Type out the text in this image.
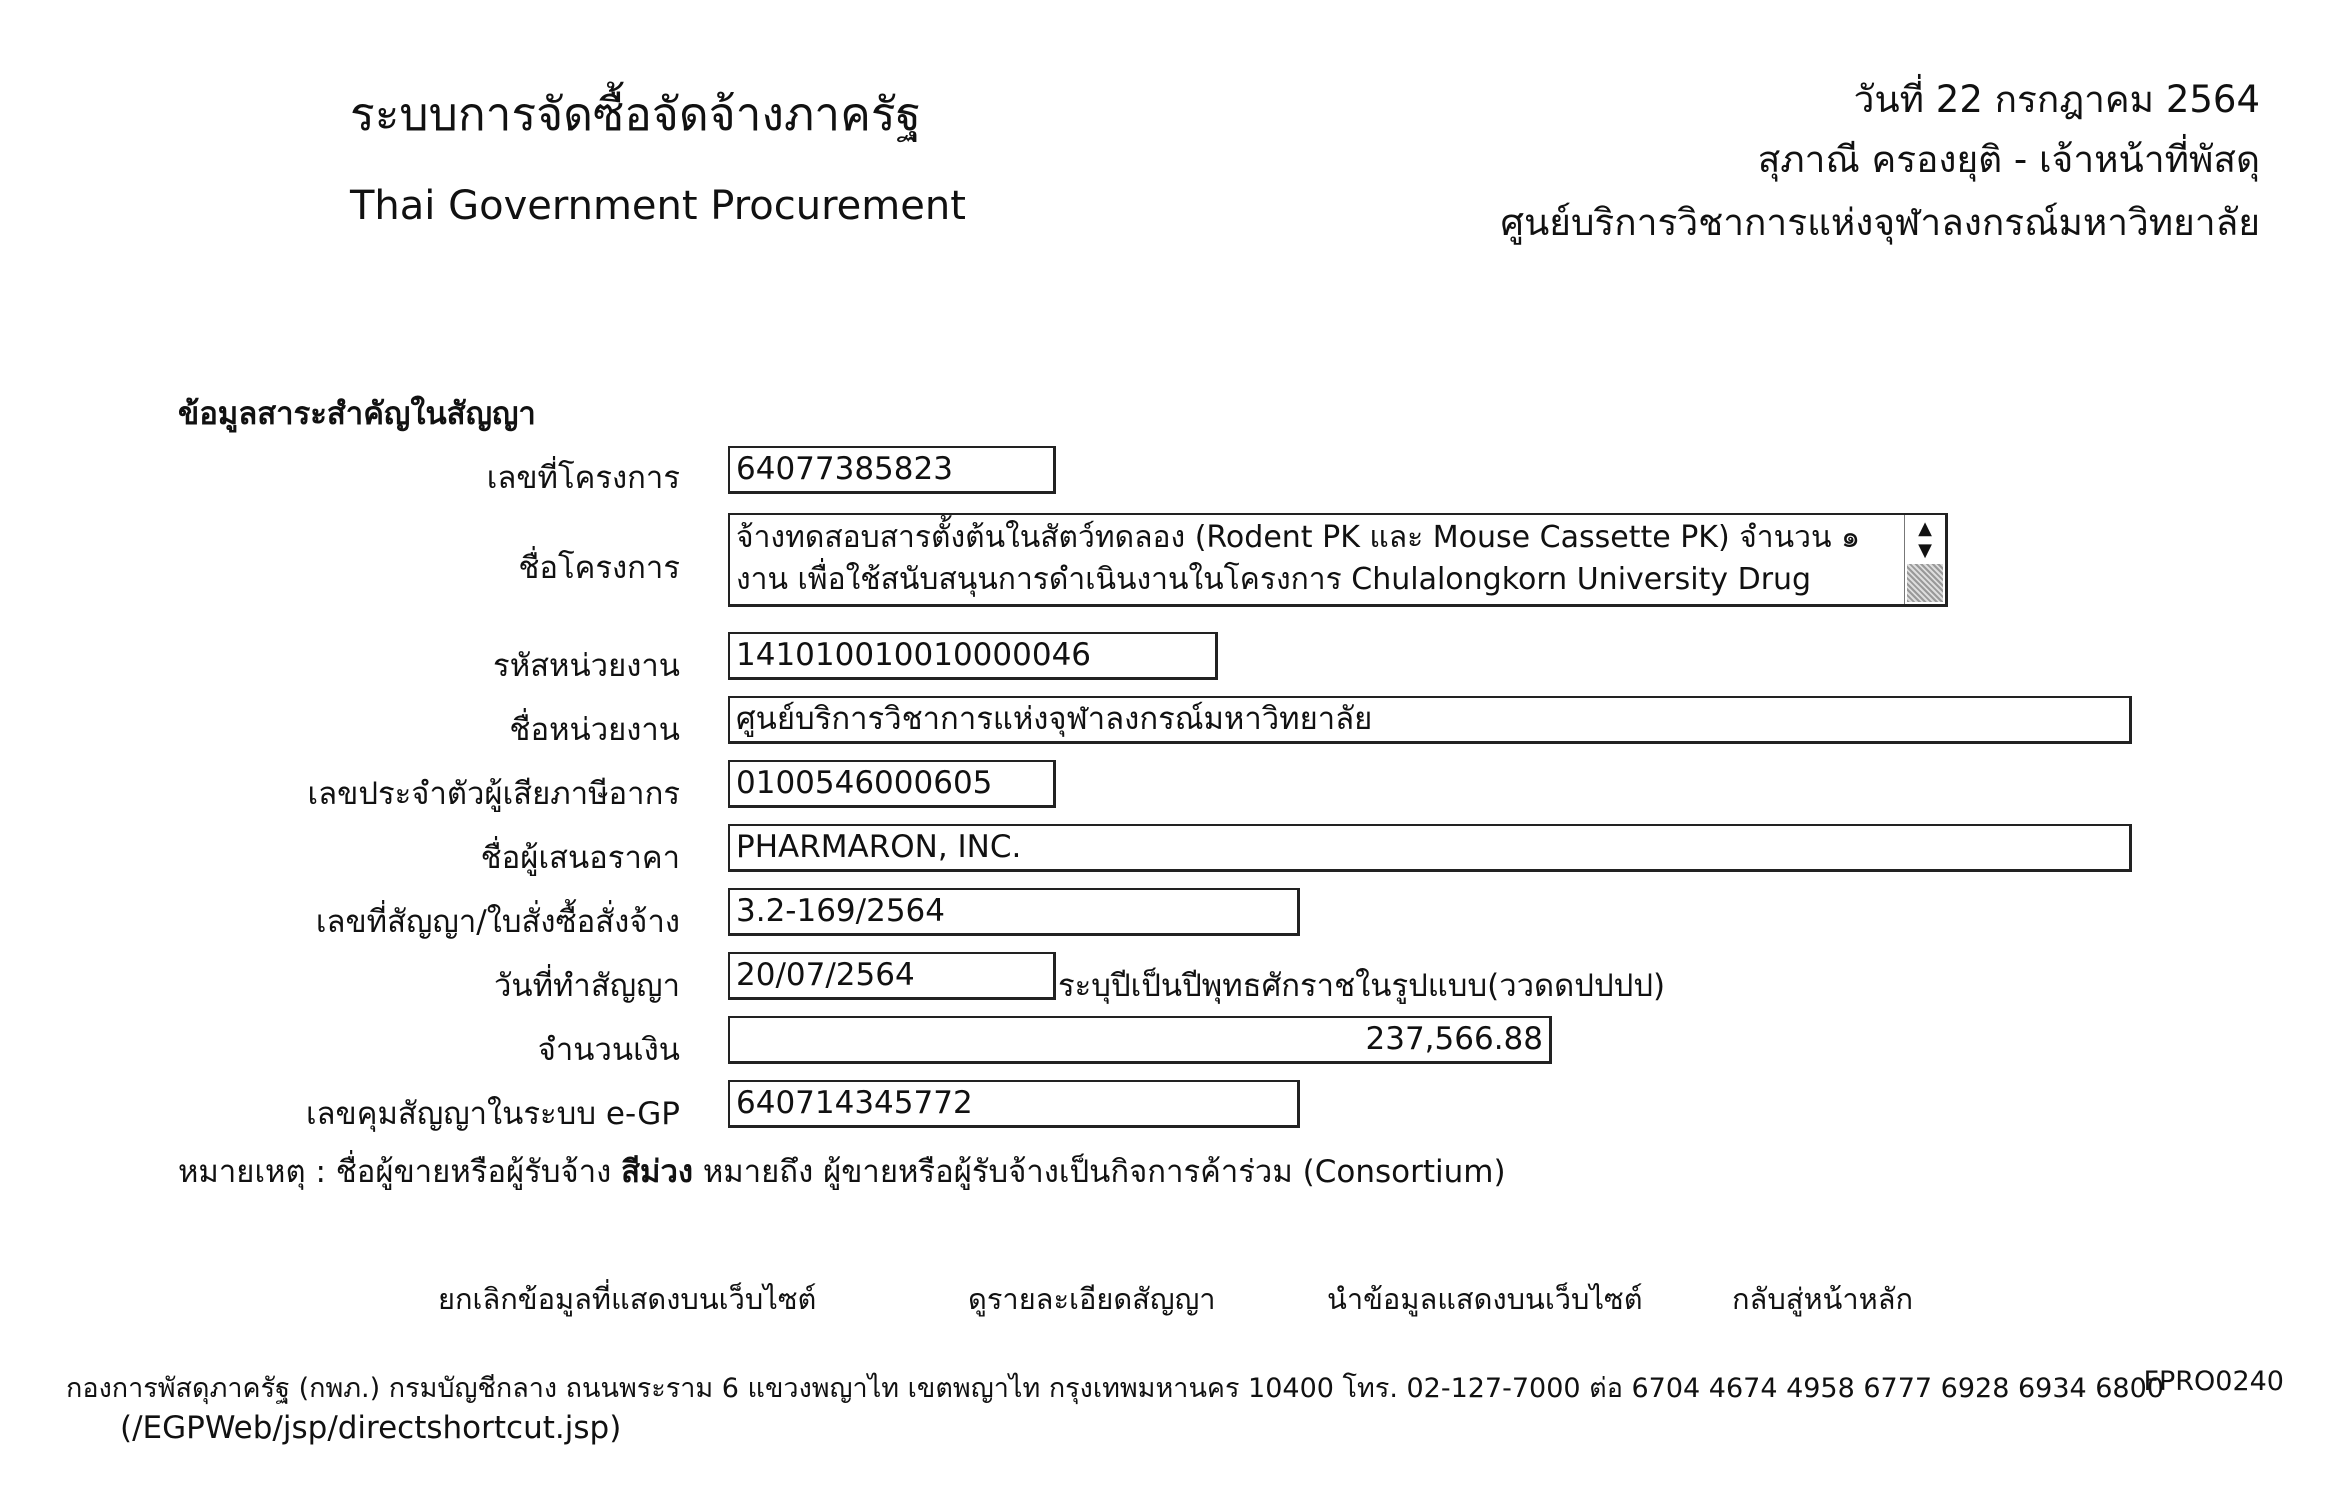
ระบบการจัดซื้อจัดจ้างภาครัฐ
Thai Government Procurement
วันที่ 22 กรกฎาคม 2564
สุภาณี ครองยุติ - เจ้าหน้าที่พัสดุ
ศูนย์บริการวิชาการแห่งจุฬาลงกรณ์มหาวิทยาลัย
ข้อมูลสาระสำคัญในสัญญา
เลขที่โครงการ 64077385823
ชื่อโครงการ
จ้างทดสอบสารตั้งต้นในสัตว์ทดลอง (Rodent PK และ Mouse Cassette PK) จำนวน ๑
งาน เพื่อใช้สนับสนุนการดำเนินงานในโครงการ Chulalongkorn University Drug
▲
▼
รหัสหน่วยงาน 141010010010000046
ชื่อหน่วยงาน ศูนย์บริการวิชาการแห่งจุฬาลงกรณ์มหาวิทยาลัย
เลขประจำตัวผู้เสียภาษีอากร 0100546000605
ชื่อผู้เสนอราคา PHARMARON, INC.
เลขที่สัญญา/ใบสั่งซื้อสั่งจ้าง 3.2-169/2564
วันที่ทำสัญญา 20/07/2564	ระบุปีเป็นปีพุทธศักราชในรูปแบบ(ววดดปปปป)
จำนวนเงิน	237,566.88
เลขคุมสัญญาในระบบ e-GP 640714345772
หมายเหตุ : ชื่อผู้ขายหรือผู้รับจ้าง สีม่วง หมายถึง ผู้ขายหรือผู้รับจ้างเป็นกิจการค้าร่วม (Consortium)
ยกเลิกข้อมูลที่แสดงบนเว็บไซต์	ดูรายละเอียดสัญญา	นำข้อมูลแสดงบนเว็บไซต์	กลับสู่หน้าหลัก
กองการพัสดุภาครัฐ (กพภ.) กรมบัญชีกลาง ถนนพระราม 6 แขวงพญาไท เขตพญาไท กรุงเทพมหานคร 10400 โทร. 02-127-7000 ต่อ 6704 4674 4958 6777 6928 6934 6800
FPRO0240
(/EGPWeb/jsp/directshortcut.jsp)
